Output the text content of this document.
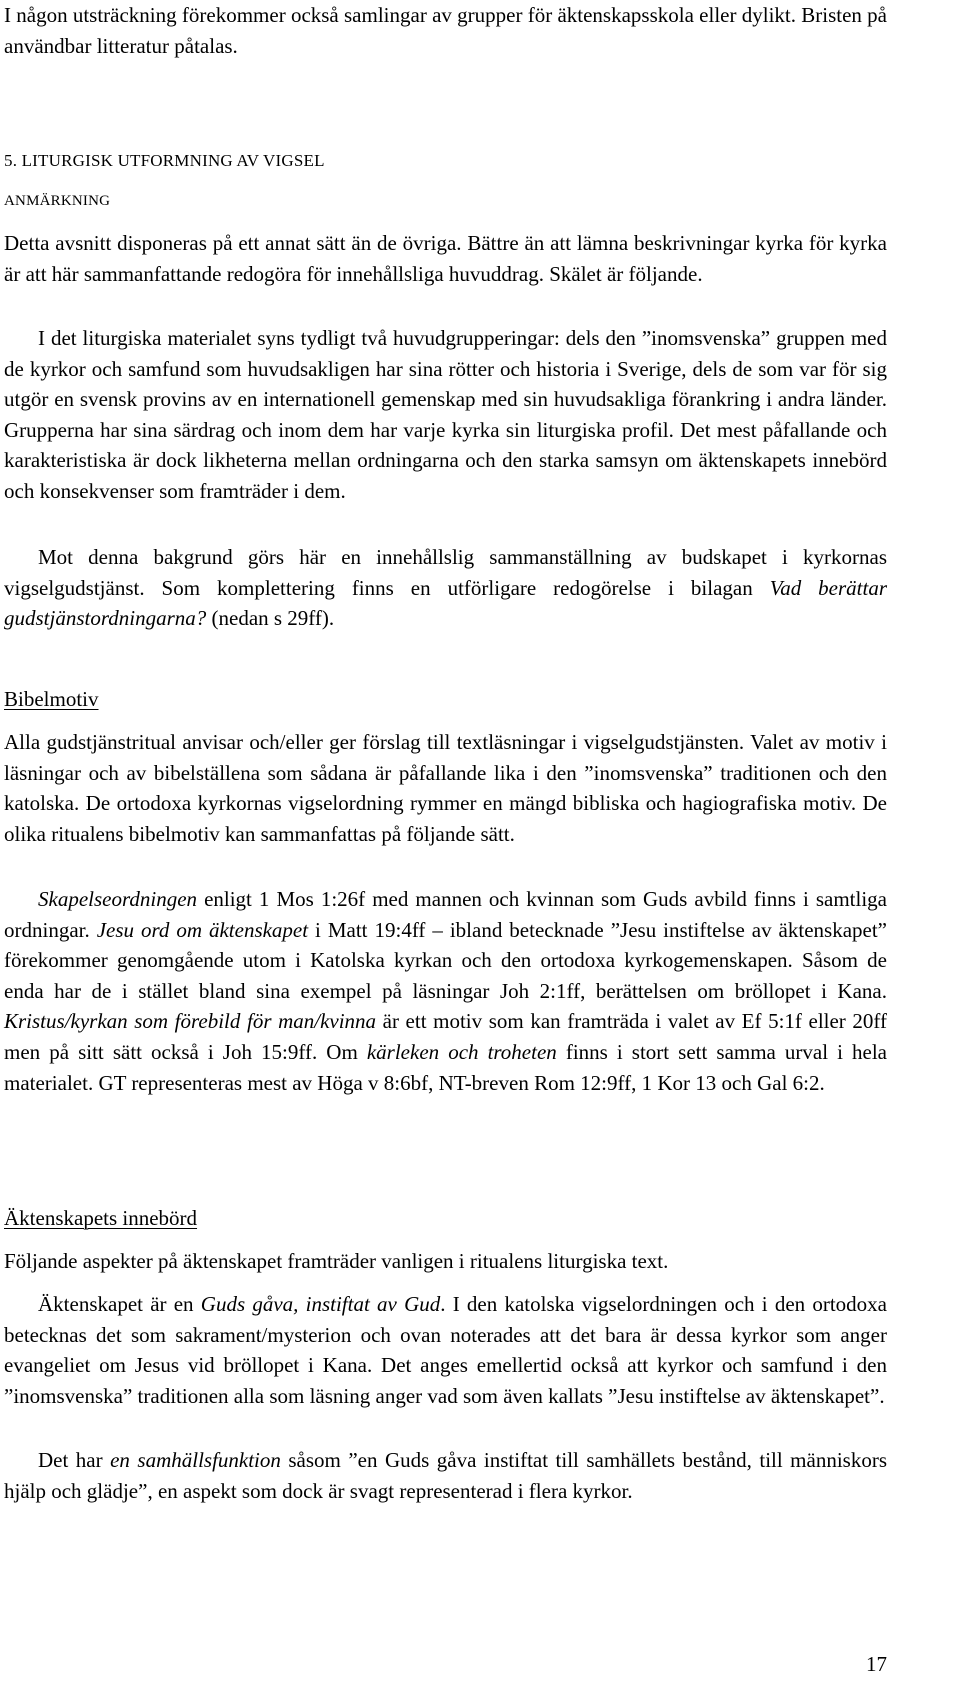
I någon utsträckning förekommer också samlingar av grupper för äktenskapsskola eller dylikt. Bristen på användbar litteratur påtalas.

5. LITURGISK UTFORMNING AV VIGSEL
ANMÄRKNING

Detta avsnitt disponeras på ett annat sätt än de övriga. Bättre än att lämna beskrivningar kyrka för kyrka är att här sammanfattande redogöra för innehållsliga huvuddrag. Skälet är följande.

I det liturgiska materialet syns tydligt två huvudgrupperingar: dels den ”inomsvenska” gruppen med de kyrkor och samfund som huvudsakligen har sina rötter och historia i Sverige, dels de som var för sig utgör en svensk provins av en internationell gemenskap med sin huvudsakliga förankring i andra länder. Grupperna har sina särdrag och inom dem har varje kyrka sin liturgiska profil. Det mest påfallande och karakteristiska är dock likheterna mellan ordningarna och den starka samsyn om äktenskapets innebörd och konsekvenser som framträder i dem.

Mot denna bakgrund görs här en innehållslig sammanställning av budskapet i kyrkornas vigselgudstjänst. Som komplettering finns en utförligare redogörelse i bilagan Vad berättar gudstjänstordningarna? (nedan s 29ff).

Bibelmotiv

Alla gudstjänstritual anvisar och/eller ger förslag till textläsningar i vigselgudstjänsten. Valet av motiv i läsningar och av bibelställena som sådana är påfallande lika i den ”inomsvenska” traditionen och den katolska. De ortodoxa kyrkornas vigselordning rymmer en mängd bibliska och hagiografiska motiv. De olika ritualens bibelmotiv kan sammanfattas på följande sätt.

Skapelseordningen enligt 1 Mos 1:26f med mannen och kvinnan som Guds avbild finns i samtliga ordningar. Jesu ord om äktenskapet i Matt 19:4ff – ibland betecknade ”Jesu instiftelse av äktenskapet” förekommer genomgående utom i Katolska kyrkan och den ortodoxa kyrkogemenskapen. Såsom de enda har de i stället bland sina exempel på läsningar Joh 2:1ff, berättelsen om bröllopet i Kana. Kristus/kyrkan som förebild för man/kvinna är ett motiv som kan framträda i valet av Ef 5:1f eller 20ff men på sitt sätt också i Joh 15:9ff. Om kärleken och troheten finns i stort sett samma urval i hela materialet. GT representeras mest av Höga v 8:6bf, NT-breven Rom 12:9ff, 1 Kor 13 och Gal 6:2.

Äktenskapets innebörd

Följande aspekter på äktenskapet framträder vanligen i ritualens liturgiska text.

Äktenskapet är en Guds gåva, instiftat av Gud. I den katolska vigselordningen och i den ortodoxa betecknas det som sakrament/mysterion och ovan noterades att det bara är dessa kyrkor som anger evangeliet om Jesus vid bröllopet i Kana. Det anges emellertid också att kyrkor och samfund i den ”inomsvenska” traditionen alla som läsning anger vad som även kallats ”Jesu instiftelse av äktenskapet”.

Det har en samhällsfunktion såsom ”en Guds gåva instiftat till samhällets bestånd, till människors hjälp och glädje”, en aspekt som dock är svagt representerad i flera kyrkor.

17
